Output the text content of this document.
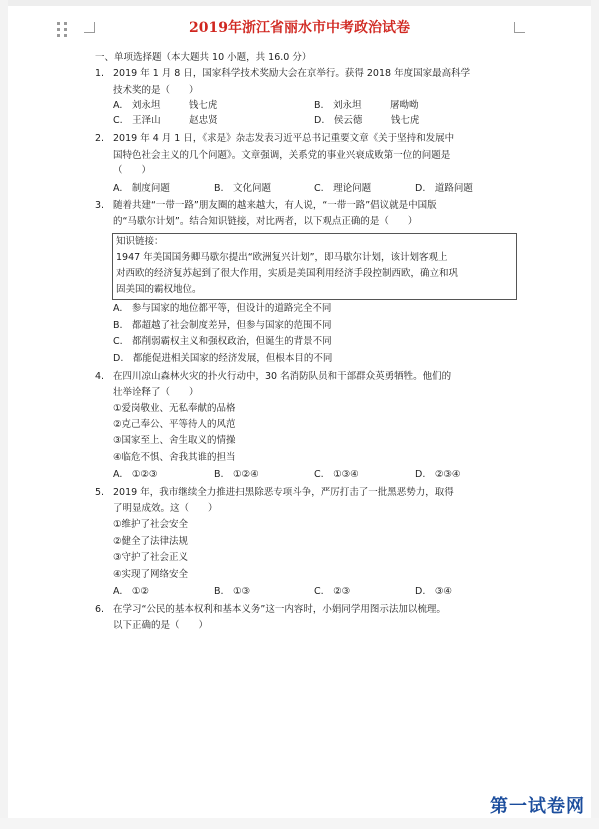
2019年浙江省丽水市中考政治试卷
一、单项选择题（本大题共 10 小题，共 16.0 分）
1. 2019 年 1 月 8 日，国家科学技术奖励大会在京举行。获得 2018 年度国家最高科学
技术奖的是（　　）
A.　刘永坦　　　钱七虎	B.　刘永坦　　　屠呦呦
C.　王泽山　　　赵忠贤	D.　侯云德　　　钱七虎
2. 2019 年 4 月 1 日，《求是》杂志发表习近平总书记重要文章《关于坚持和发展中
国特色社会主义的几个问题》。文章强调，关系党的事业兴衰成败第一位的问题是
（　　）
A.　制度问题	B.　文化问题	C.　理论问题	D.　道路问题
3. 随着共建“一带一路”朋友圈的越来越大，有人说，“一带一路”倡议就是中国版
的“马歇尔计划”。结合知识链接，对比两者，以下观点正确的是（　　）
知识链接：
1947 年美国国务卿马歇尔提出“欧洲复兴计划”，即马歇尔计划，该计划客观上
对西欧的经济复苏起到了很大作用，实质是美国利用经济手段控制西欧，确立和巩
固美国的霸权地位。
A.　参与国家的地位都平等，但设计的道路完全不同
B.　都超越了社会制度差异，但参与国家的范围不同
C.　都削弱霸权主义和强权政治，但诞生的背景不同
D.　都能促进相关国家的经济发展，但根本目的不同
4. 在四川凉山森林火灾的扑火行动中，30 名消防队员和干部群众英勇牺牲。他们的
壮举诠释了（　　）
①爱岗敬业、无私奉献的品格
②克己奉公、平等待人的风范
③国家至上、舍生取义的情操
④临危不惧、舍我其谁的担当
A.　①②③	B.　①②④	C.　①③④	D.　②③④
5. 2019 年，我市继续全力推进扫黑除恶专项斗争，严厉打击了一批黑恶势力，取得
了明显成效。这（　　）
①维护了社会安全
②健全了法律法规
③守护了社会正义
④实现了网络安全
A.　①②	B.　①③	C.　②③	D.　③④
6. 在学习“公民的基本权利和基本义务”这一内容时，小娟同学用图示法加以梳理。
以下正确的是（　　）
第一试卷网
